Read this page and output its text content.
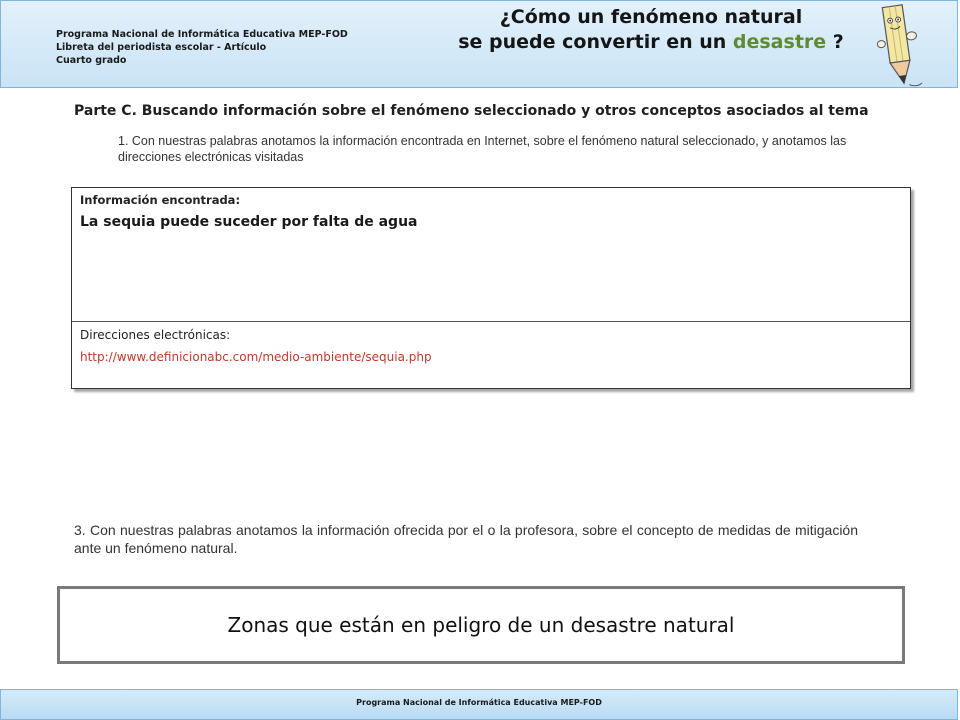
Programa Nacional de Informática Educativa MEP-FOD
Libreta del periodista escolar - Artículo
Cuarto grado
¿Cómo un fenómeno natural
se puede convertir en un desastre ?
Parte C. Buscando información sobre el fenómeno seleccionado y otros conceptos asociados al tema
1. Con nuestras palabras anotamos la información encontrada en Internet, sobre el fenómeno natural seleccionado, y anotamos las direcciones electrónicas visitadas
Información encontrada:
La sequia puede suceder por falta de agua
Direcciones electrónicas:
http://www.definicionabc.com/medio-ambiente/sequia.php
3. Con nuestras palabras anotamos la información ofrecida por el o la profesora, sobre el concepto de medidas de mitigación ante un fenómeno natural.
Zonas que están en peligro de un desastre natural
Programa Nacional de Informática Educativa MEP-FOD
